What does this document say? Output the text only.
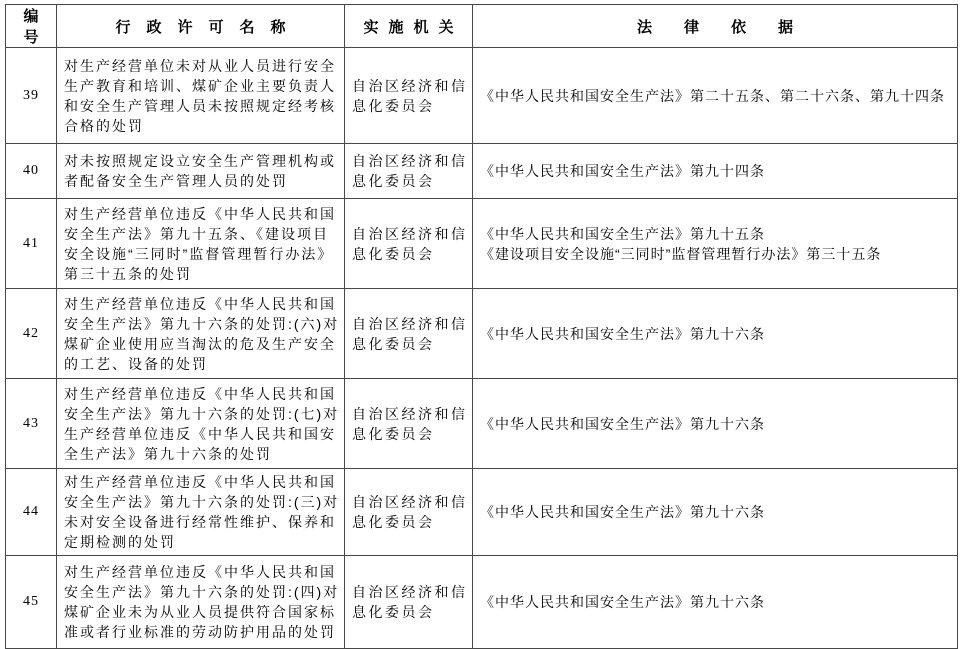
编号	行政许可名称	实施机关	法律依据
39	对生产经营单位未对从业人员进行安全生产教育和培训、煤矿企业主要负责人和安全生产管理人员未按照规定经考核合格的处罚	自治区经济和信息化委员会	《中华人民共和国安全生产法》第二十五条、第二十六条、第九十四条

40	对未按照规定设立安全生产管理机构或者配备安全生产管理人员的处罚	自治区经济和信息化委员会	《中华人民共和国安全生产法》第九十四条

41	对生产经营单位违反《中华人民共和国安全生产法》第九十五条、《建设项目安全设施“三同时”监督管理暂行办法》第三十五条的处罚	自治区经济和信息化委员会	《中华人民共和国安全生产法》第九十五条
《建设项目安全设施“三同时”监督管理暂行办法》第三十五条

42	对生产经营单位违反《中华人民共和国安全生产法》第九十六条的处罚:(六)对煤矿企业使用应当淘汰的危及生产安全的工艺、设备的处罚	自治区经济和信息化委员会	《中华人民共和国安全生产法》第九十六条

43	对生产经营单位违反《中华人民共和国安全生产法》第九十六条的处罚:(七)对生产经营单位违反《中华人民共和国安全生产法》第九十六条的处罚	自治区经济和信息化委员会	《中华人民共和国安全生产法》第九十六条

44	对生产经营单位违反《中华人民共和国安全生产法》第九十六条的处罚:(三)对未对安全设备进行经常性维护、保养和定期检测的处罚	自治区经济和信息化委员会	《中华人民共和国安全生产法》第九十六条

45	对生产经营单位违反《中华人民共和国安全生产法》第九十六条的处罚:(四)对煤矿企业未为从业人员提供符合国家标准或者行业标准的劳动防护用品的处罚	自治区经济和信息化委员会	《中华人民共和国安全生产法》第九十六条
